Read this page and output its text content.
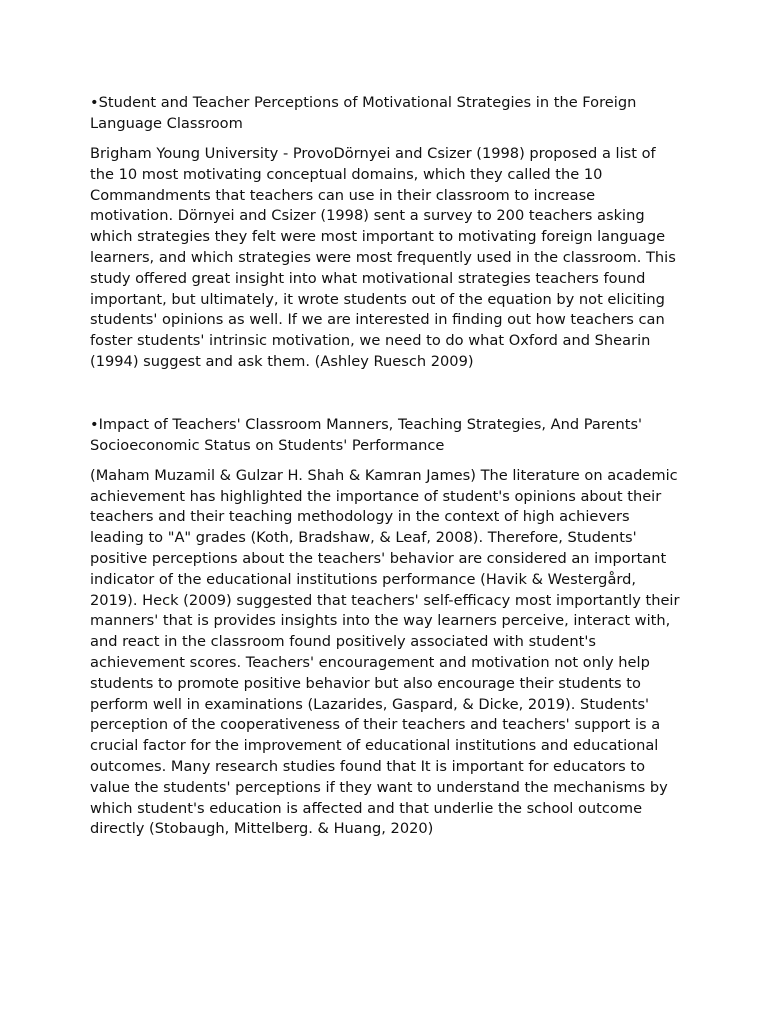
•Student and Teacher Perceptions of Motivational Strategies in the Foreign Language Classroom

Brigham Young University - ProvoDörnyei and Csizer (1998) proposed a list of the 10 most motivating conceptual domains, which they called the 10 Commandments that teachers can use in their classroom to increase motivation. Dörnyei and Csizer (1998) sent a survey to 200 teachers asking which strategies they felt were most important to motivating foreign language learners, and which strategies were most frequently used in the classroom. This study offered great insight into what motivational strategies teachers found important, but ultimately, it wrote students out of the equation by not eliciting students' opinions as well. If we are interested in finding out how teachers can foster students' intrinsic motivation, we need to do what Oxford and Shearin (1994) suggest and ask them. (Ashley Ruesch 2009)

•Impact of Teachers' Classroom Manners, Teaching Strategies, And Parents' Socioeconomic Status on Students' Performance

(Maham Muzamil & Gulzar H. Shah & Kamran James) The literature on academic achievement has highlighted the importance of student's opinions about their teachers and their teaching methodology in the context of high achievers leading to "A" grades (Koth, Bradshaw, & Leaf, 2008). Therefore, Students' positive perceptions about the teachers' behavior are considered an important indicator of the educational institutions performance (Havik & Westergård, 2019). Heck (2009) suggested that teachers' self-efficacy most importantly their manners' that is provides insights into the way learners perceive, interact with, and react in the classroom found positively associated with student's achievement scores. Teachers' encouragement and motivation not only help students to promote positive behavior but also encourage their students to perform well in examinations (Lazarides, Gaspard, & Dicke, 2019). Students' perception of the cooperativeness of their teachers and teachers' support is a crucial factor for the improvement of educational institutions and educational outcomes. Many research studies found that It is important for educators to value the students' perceptions if they want to understand the mechanisms by which student's education is affected and that underlie the school outcome directly (Stobaugh, Mittelberg. & Huang, 2020)
